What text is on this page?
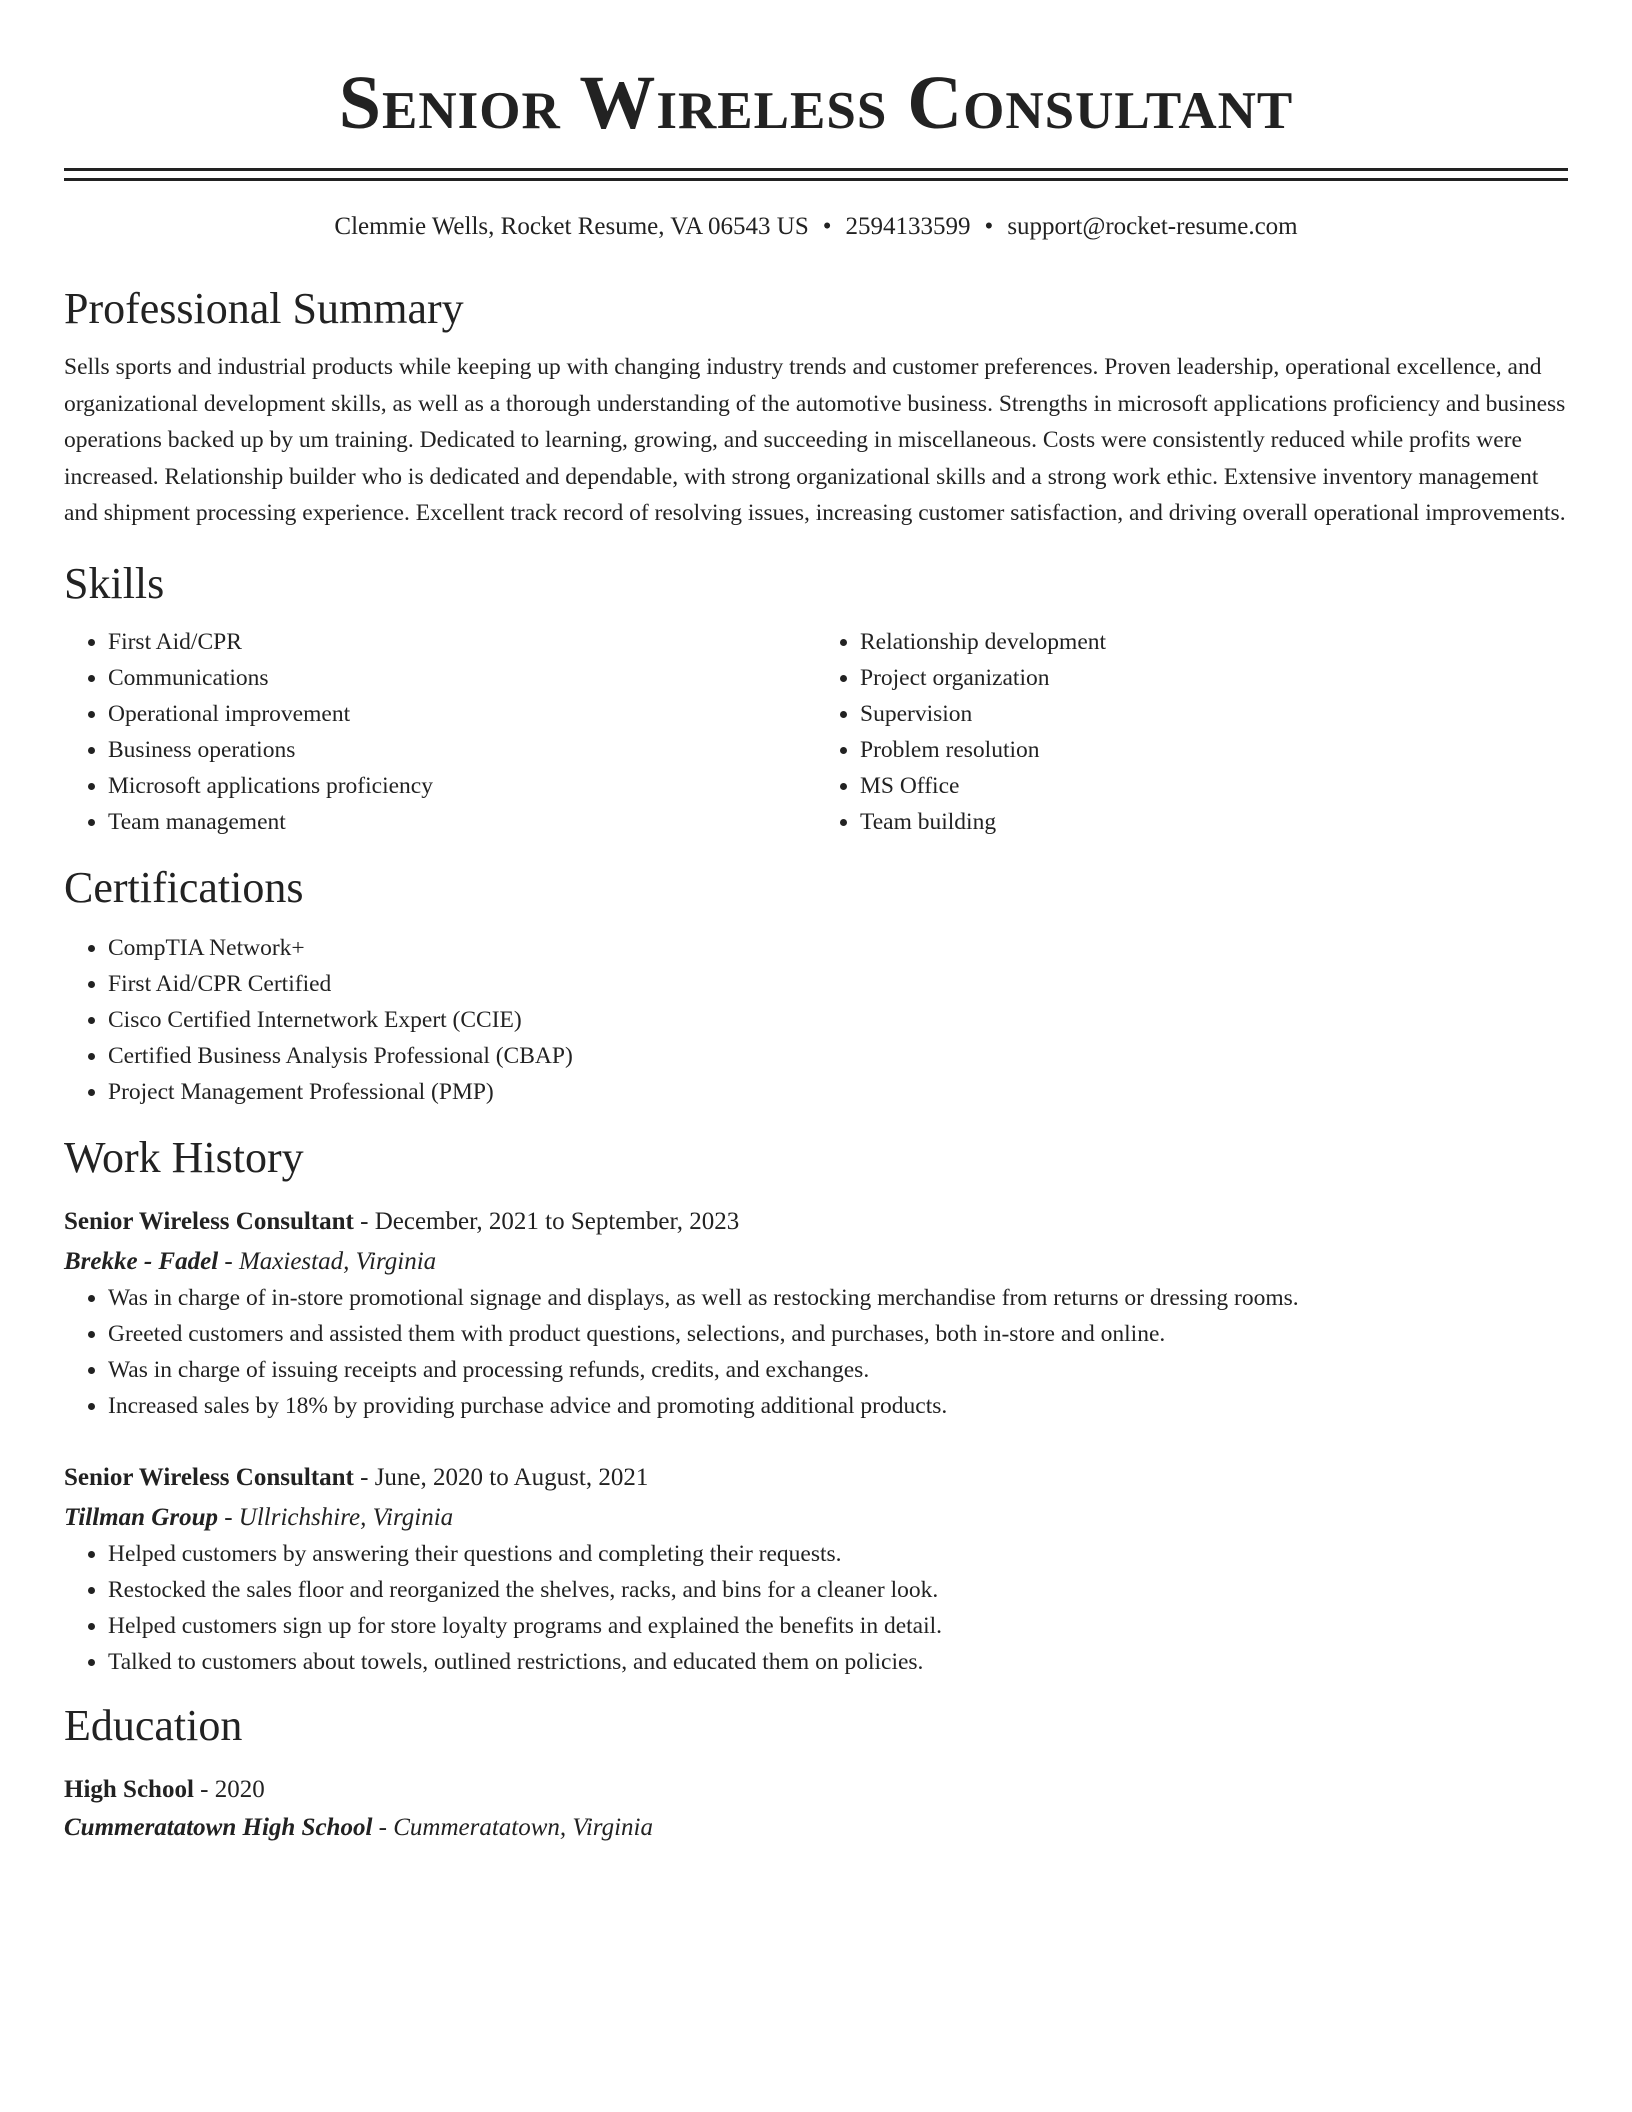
Senior Wireless Consultant
Clemmie Wells, Rocket Resume, VA 06543 US • 2594133599 • support@rocket-resume.com
Professional Summary
Sells sports and industrial products while keeping up with changing industry trends and customer preferences. Proven leadership, operational excellence, and organizational development skills, as well as a thorough understanding of the automotive business. Strengths in microsoft applications proficiency and business operations backed up by um training. Dedicated to learning, growing, and succeeding in miscellaneous. Costs were consistently reduced while profits were increased. Relationship builder who is dedicated and dependable, with strong organizational skills and a strong work ethic. Extensive inventory management and shipment processing experience. Excellent track record of resolving issues, increasing customer satisfaction, and driving overall operational improvements.
Skills
• First Aid/CPR
• Communications
• Operational improvement
• Business operations
• Microsoft applications proficiency
• Team management
• Relationship development
• Project organization
• Supervision
• Problem resolution
• MS Office
• Team building
Certifications
• CompTIA Network+
• First Aid/CPR Certified
• Cisco Certified Internetwork Expert (CCIE)
• Certified Business Analysis Professional (CBAP)
• Project Management Professional (PMP)
Work History
Senior Wireless Consultant - December, 2021 to September, 2023
Brekke - Fadel - Maxiestad, Virginia
• Was in charge of in-store promotional signage and displays, as well as restocking merchandise from returns or dressing rooms.
• Greeted customers and assisted them with product questions, selections, and purchases, both in-store and online.
• Was in charge of issuing receipts and processing refunds, credits, and exchanges.
• Increased sales by 18% by providing purchase advice and promoting additional products.
Senior Wireless Consultant - June, 2020 to August, 2021
Tillman Group - Ullrichshire, Virginia
• Helped customers by answering their questions and completing their requests.
• Restocked the sales floor and reorganized the shelves, racks, and bins for a cleaner look.
• Helped customers sign up for store loyalty programs and explained the benefits in detail.
• Talked to customers about towels, outlined restrictions, and educated them on policies.
Education
High School - 2020
Cummeratatown High School - Cummeratatown, Virginia
